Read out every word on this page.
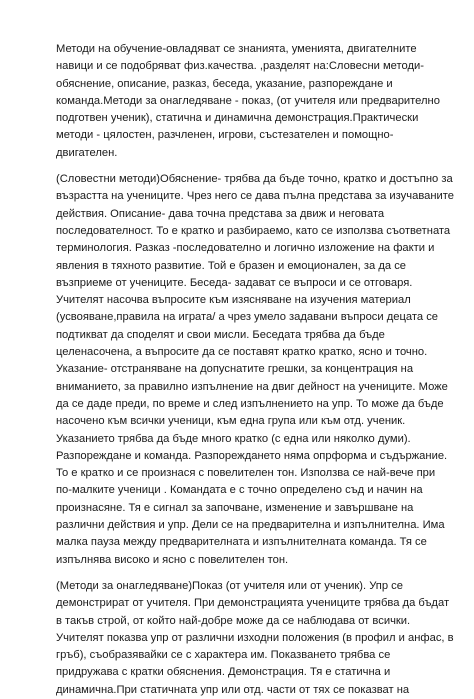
Методи на обучение-овладяват се знанията, уменията, двигателните

навици и се подобряват физ.качества. ,разделят на:Словесни методи-

обяснение, описание, разказ, беседа, указание, разпореждане и

команда.Методи за онагледяване - показ, (от учителя или предварително

подготвен ученик), статична и динамична демонстрация.Практически

методи - цялостен, разчленен, игрови, състезателен и помощно-

двигателен.

(Словестни методи)Обяснение- трябва да бъде точно, кратко и достъпно за

възрастта на учениците. Чрез него се дава пълна представа за изучаваните

действия. Описание- дава точна представа за движ и неговата

последователност. То е кратко и разбираемо, като се използва съответната

терминология. Разказ -последователно и логично изложение на факти и

явления в тяхното развитие. Той е бразен и емоционален, за да се

възприеме от учениците. Беседа- задават се въпроси и се отговаря.

Учителят насочва въпросите към изясняване на изучения материал

(усвояване,правила на играта/ а чрез умело задавани въпроси децата се

подтикват да споделят и свои мисли. Беседата трябва да бъде

целенасочена, а въпросите да се поставят кратко кратко, ясно и точно.

Указание- отстраняване на допуснатите грешки, за концентрация на

вниманието, за правилно изпълнение на двиг дейност на учениците. Може

да се даде преди, по време и след изпълнението на упр. То може да бъде

насочено към всички ученици, към една група или към отд. ученик.

Указанието трябва да бъде много кратко (с една или няколко думи).

Разпореждане и команда. Разпореждането няма опрформа и съдържание.

То е кратко и се произнася с повелителен тон. Използва се най-вече при

по-малките ученици . Командата е с точно определено съд и начин на

произнасяне. Тя е сигнал за започване, изменение и завършване на

различни действия и упр. Дели се на предварителна и изпълнителна. Има

малка пауза между предварителната и изпълнителната команда. Тя се

изпълнява високо и ясно с повелителен тон.

(Методи за онагледяване)Показ (от учителя или от ученик). Упр се

демонстрират от учителя. При демонстрацията учениците трябва да бъдат

в такъв строй, от който най-добре може да се наблюдава от всички.

Учителят показва упр от различни изходни положения (в профил и анфас, в

гръб), съобразявайки се с характера им. Показването трябва се

придружава с кратки обяснения. Демонстрация. Тя е статична и

динамична.При статичната упр или отд. части от тях се показват на
